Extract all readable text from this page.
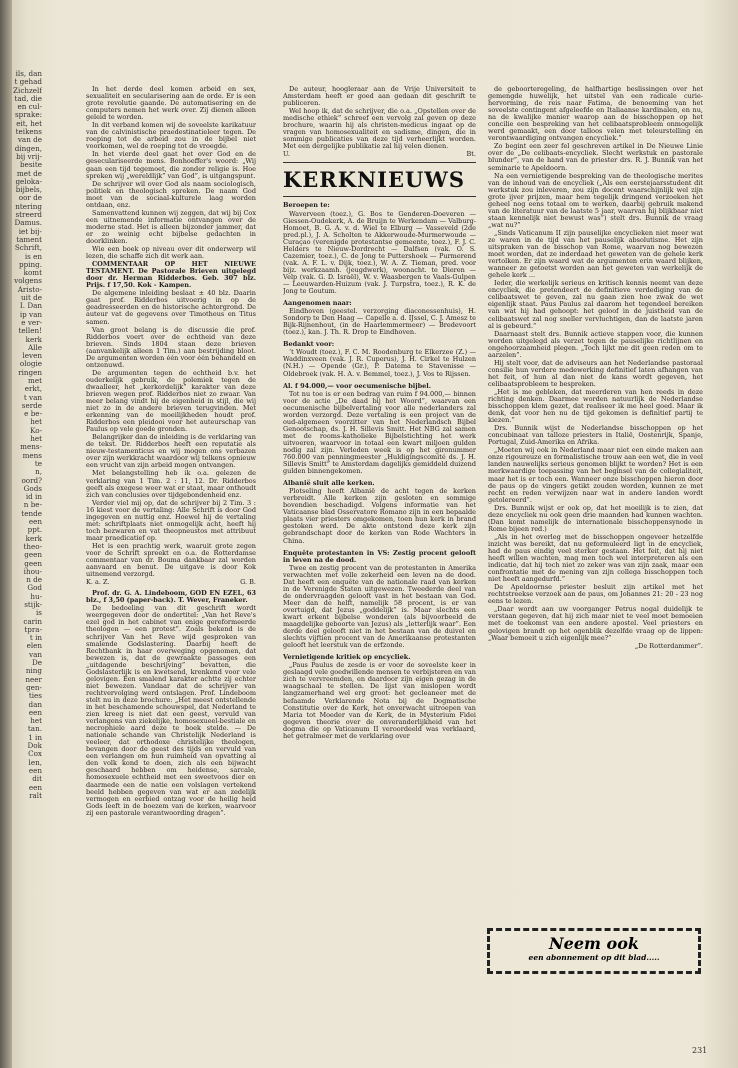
ils, dan
t gehad
Zichzelf
tad, die
en cul-
sprake:
eit, het
teikens
van de
dingen,
bij vrij-
besite
met de
geloka-
bijbels,
oor de
ntering
streerd
Damus.
iet bij-
tament
Schrift,
is en
pping.
komt
volgens
Aristo-
uit de
I. Dan
ip van
e ver-
tellen!
kerk
Alle
leven
ologie
ringen
met
erkt,
t van
serde
e be-
het
Ko-
het
mens-
mens
te
n,
oord?
Gods
id in
n be-
tende
een
ppt.
kerk
theo-
geen
geen
ihou-
n de
God
hu-
stijk-
is
carin
tpra-
t in
elen
van
De
ning
neer
gen-
ties
dan
een
het
tan.
1 in
Dok
Cox
len,
een
dit
een
ralt

In het derde deel komen arbeid en sex, sexualiteit en secularisering aan de orde. Er is een grote revolutie gaande. De automatisering en de computers nemen het werk over. Zij dienen alleen geleid te worden.

In dit verband komen wij de soveelste karikatuur van de calvinistische praedestinatieleer tegen. De roeping tot de arbeid zou in de bijbel niet voorkomen, wel de roeping tot de vroegde.

In het vierde deel gaat het over God en de geseculariseerde mens. Bonhoeffer's woord: „Wij gaan een tijd tegemoet, die zonder religie is. Hoe spreken wij „wereldlijk” van God”, is uitgangspunt.

De schrijver wil over God als naam sociologisch, politiek en theologisch spreken. De naam God moet van de sociaal-kulturele laag worden ontdaan, enz.

Samenvattend kunnen wij zeggen, dat wij bij Cox een uitnemende informatie ontvangen over de moderne stad. Het is alleen bijzonder jammer, dat er zo weinig echt bijbelse gedachten in doorklinken.

Wie een boek op niveau over dit onderwerp wil lezen, die schaffe zich dit werk aan.

COMMENTAAR OP HET NIEUWE TESTAMENT. De Pastorale Brieven uitgelegd door dr. Herman Ridderbos. Geb. 307 blz. Prijs. f 17,50. Kok - Kampen.

De algemene inleiding beslaat ± 40 blz. Daarin gaat prof. Ridderbos uitvoerig in op de geadresseerden en de historische achtergrond. De auteur vat de gegevens over Timotheus en Titus samen.

Van groot belang is de discussie die prof. Ridderbos voert over de echtheid van deze brieven. Sinds 1804 staan deze brieven (aanvankelijk alleen 1 Tim.) aan bestrijding bloot. De argumenten worden één voor één behandeld en ontzenuwd.

De argumenten tegen de echtheid b.v. het ouderkelijk gebruik, de polemiek tegen de dwaalleer, het „kerkordelijk” karakter van deze brieven wegen prof. Ridderbos niet zo zwaar. Van meer belang vindt hij de eigenheid in stijl, die wij niet zo in de andere brieven terugvinden. Met erkenning van de moeilijkheden houdt prof. Ridderbos een pleidooi voor het auteurschap van Paulus op vele goede gronden.

Belangrijker dan de inleiding is de verklaring van de tekst. Dr. Ridderbos heeft een reputatie als nieuw-testamenticus en wij mogen ons verbazen over zijn werkkracht waardoor wij telkens opnieuw een vrucht van zijn arbeid mogen ontvangen.

Met belangstelling heb ik o.a. gelezen de verklaring van 1 Tim. 2 : 11, 12. Dr. Ridderbos geeft als exegese weer wat er staat, maar onthoudt zich van conclusies over tijdgebondenheid enz.

Verder viel mij op, dat de schrijver bij 2 Tim. 3 : 16 kiest voor de vertaling: Alle Schrift is door God ingegeven en nuttig enz. Hoewel hij de vertaling met: schriftplaats niet onmogelijk acht, heeft hij toch bezwaren en vat theopneustos met attribuut maar praedicatief op.

Het is een prachtig werk, waaruit grote zegen voor de Schrift spreekt en o.a. de Rotterdamse commentaar van dr. Bouma dankbaar zal worden aanvaard en benut. De uitgave is door Kok uitnemend verzorgd.

K. a. Z.	G. B.

Prof. dr. G. A. Lindeboom, GOD EN EZEL, 63 blz., f 3,50 (paper-back). T. Wever, Franeker.

De bedoeling van dit geschrift wordt weergegeven door de ondertitel: „Van het Reve's ezel god in het cabinet van enige gereformeerde theologen — een protest”. Zoals bekend is de schrijver Van het Reve wijd gesproken van smalende Godslastering. Daarbij heeft de Rechtbank in haar overweging opgenomen, dat bewezen is, dat de gewraakte passages een „uitdagende beschrijving” bevatten, die Godslasterlijk is en kwetsend, krenkend voor vele gelovigen. Een smalend karakter achtte zij echter niet bewezen. Vandaar dat de schrijver van rechtvervolging werd ontslagen. Prof. Lindeboom stelt nu in deze brochure: „Het meest ontstellende in het beschamende schouwspel, dat Nederland te zien kreeg is niet dat een geest, vervuld van verlangens van ziekelijke, homosexueel-bestiale en necrophiele aard deze te boek stelde. — De nationale schande van Christelijk Nederland is veeleer, dat orthodoxe christelijke theologen, bevangen door de geest des tijds en vervuld van een verlangen om hun ruimheid van opvatting al den volk kond te doen, zich als een bijwacht geschaard hebben om heidense, sarcale, homosexuele echtheid met een sweetvoos dier en daarmede een de natie een volslagen vertekend beeld hebben gegeven van wat er aan zedelijk vermogen en eerbied ontzag voor de heilig heid Gods leeft in de boezem van de kerken, waarvoor zij een pastorale verantwoording dragen”.

De auteur, hoogleraar aan de Vrije Universiteit te Amsterdam heeft er goed aan gedaan dit geschrift te publiceren.

Wel hoop ik, dat de schrijver, die o.a. „Opstellen over de medische ethiek” schreef een vervolg zal geven op deze brochure, waarin hij als christen-medicus ingaat op de vragen van homosexualiteit en sadisme, dingen, die in sommige publicaties van deze tijd verheerlijkt worden. Met een dergelijke publikatie zal hij velen dienen.

U.	Bt.
KERKNIEUWS
Beroepen te:

Waverveen (toez.), G. Bos te Genderen-Doeveren — Giessen-Oudekerk, A. de Bruijn te Werkendam — Valburg-Homoet, B. G. A. v. d. Wiel te Elburg — Vasseveld (2de pred.pl.), J. A. Scholten te Akkerwoude-Murmerwoude — Curaçao (verenigde protestantse gemeente, toez.), F. J. C. Helders te Nieuw-Dordrecht — Dalfsen (vak. O. S. Cazemier, toez.), C. de Jong te Puttershoek — Purmerend (vak. A. F. L. v. Dijk, toez.), W. A. Z. Tieman, pred. voor bijz. werkzaamh. (jeugdwerk), woonacht. te Dieren — Velp (vak. G. D. Israël), W. v. Waasbergen te Vaals-Gulpen — Leeuwarden-Huizum (vak. J. Turpstra, toez.), R. K. de Jong te Goutum.

Aangenomen naar:

Eindhoven (geestel. verzorging diaconessenhuis), H. Sondorp te Den Haag — Capelle a. d. IJssel, C. J. Amesz te Bijk-Rijnenhout, (in de Haarlemmermeer) — Bredevoort (toez.), kan. J. Th. R. Drop te Eindhoven.

Bedankt voor:

‘t Woudt (toez.), F. C. M. Roodenburg te Elkerzee (Z.) — Waddinxveen (vak. J. R. Cuperus), J. H. Cirkel te Hulzen (N.H.) — Opende (Gr.), P. Datema te Stavenisse — Oldebroek (vak. H. A. v. Bemmel, toez.), J. Vos te Rijssen.

Al. f 94.000,— voor oecumenische bijbel.

Tot nu toe is er een bedrag van ruim f 94.000,— binnen voor de actie „De daad bij het Woord”, waarvan een oecumenische bijbelvertaling voor alle nederlanders zal worden verzorgd. Deze vertaling is een project van de oud-algemeen voorzitter van het Nederlandsch Bijbel Genootschap, ds. J. H. Sillevis Smitt. Het NBG zal samen met de rooms-katholieke Bijbelstichting het werk uitvoeren, waarvoor in totaal een kwart miljoen gulden nodig zal zijn. Verleden week is op het gironummer 760.000 van penningmeester „Huldigingscomité ds. J. H. Sillevis Smitt” te Amsterdam dagelijks gemiddeld duizend gulden binnengekomen.

Albanië sluit alle kerken.

Plotseling heeft Albanië de acht tegen de kerken verbreidt. Alle kerken zijn gesloten en sommige bovendien beschadigd. Volgens informatie van het Vaticaanse blad Osservatore Romano zijn in een bepaalde plaats vier priesters omgekomen, toen hun kerk in brand gestoken werd. De akte ontstond deze kerk zijn gebrandschapt door de kerken van Rode Wachters in China.

Enquête protestanten in VS: Zestig procent gelooft in leven na de dood.

Twee en zestig procent van de protestanten in Amerika verwachten met volle zekerheid een leven na de dood. Dat heeft een enquête van de nationale raad van kerken in de Verenigde Staten uitgewezen. Tweederde deel van de ondervraagden gelooft vast in het bestaan van God. Meer dan de helft, namelijk 58 procent, is er van overtuigd, dat Jezus „goddelijk” is. Maar slechts een kwart erkent bijbelse wonderen (als bijvoorbeeld de maagdelijke geboorte van Jezus) als „letterlijk waar”. Een derde deel gelooft niet in het bestaan van de duivel en slechts vijftien procent van de Amerikaanse protestanten gelooft het leerstuk van de erfzonde.

Vernietigende kritiek op encycliek.

„Paus Paulus de zesde is er voor de soveelste keer in geslaagd vele goedwillende mensen te verbijsteren en van zich te vervreemden, en daardoor zijn eigen gezag in de waagschaal te stellen. De lijst van mislopen wordt langzamerhand wel erg groot: het gecleaneer met de befaamde Verklarende Nota bij de Dogmatische Constitutie over de Kerk, het onverwacht uitroepen van Maria tot Moeder van de Kerk, de in Mysterium Fidei gegeven theorie over de onveranderlijkheid van het dogma die op Vaticanum II veroordeeld was verklaard, het getralmeer met de verklaring over

de geboorteregeling, de halfhartige beslissingen over het gemengde huwelijk, het uitstel van een radicale curie-hervorming, de reis naar Fatima, de benoeming van het soveelste contingent afgeleefde en Italiaanse kardinalen, en nu, na de kwalijke manier waarop aan de bisschoppen op het concilie een bespreking van het celibaatsprobleem onmogelijk werd gemaakt, een door talloos velen met teleurstelling en verontwaardiging ontvangen encycliek.”

Zo begint een zeer fel geschreven artikel in De Nieuwe Linie over de „De celibaats-encycliek. Slecht werkstuk en pastorale blunder”, van de hand van de priester drs. R. J. Bunnik van het seminarie te Apeldoorn.

Na een vernietigende bespreking van de theologische merites van de inhoud van de encycliek („Als een eerstejaarsstudent dit werkstuk zou inleveren, zou zijn docent waarschijnlijk wel zijn grote ijver prijzen, maar hem tegelijk dringend verzoeken het geheel nog eens totaal om te werken, daarbij gebruik makend van de literatuur van de laatste 5 jaar, waarvan hij blijkbaar niet staan kennelijk niet bewust was”) stelt drs. Bunnik de vraag „wat nu?”

„Sinds Vaticanum II zijn pauselijke encyclieken niet meer wat ze waren in de tijd van het pauselijk absolutisme. Het zijn uitspraken van de bisschop van Rome, waarvan nog bewezen moet worden, dat ze inderdaad het geweten van de gehele kerk vertolken. Er zijn waard wat de argumenten erin waard blijken, wanneer ze getoetst worden aan het geweten van werkelijk de gehele kerk ...

Ieder, die werkelijk serieus en kritisch kennis neemt van deze encycliek, die pretendeert de definitieve verdediging van de celibaatswet te geven, zal nu gaan zien hoe zwak de wet eigenlijk staat. Paus Paulus zal daarom het tegendeel bereiken van wat hij had gehoopt: het geloof in de juistheid van de celibaatswet zal nog sneller vervluchtigen, dan de laatste jaren al is gebeurd.”

Daarnaast stelt drs. Bunnik actieve stappen voor, die kunnen worden uitgelegd als verzet tegen de pauselijke richtlijnen en ongehoorzaamheid plegen. „Toch lijkt me dit geen reden om te aarzelen”.

Hij stelt voor, dat de adviseurs aan het Nederlandse pastoraal consilie hun verdere medewerking definitief laten afhangen van het feit, of hun al dan niet de kans wordt gegeven, het celibaatsprobleem te bespreken.

„Het is me gebleken, dat meerderen van hen reeds in deze richting denken. Daarmee worden natuurlijk de Nederlandse bisschoppen klem gezet, dat realiseer ik me heel goed. Maar ik denk, dat voor hen nu de tijd gekomen is definitief partij te kiezen.”

Drs. Bunnik wijst de Nederlandse bisschoppen op het concubinaat van talloze priesters in Italië, Oostenrijk, Spanje, Portugal, Zuid-Amerika en Afrika.

„Moeten wij ook in Nederland maar niet een einde maken aan onze rigoureuze en formalistische trouw aan een wet, die in veel landen nauwelijks serieus genomen blijkt te worden? Het is een merkwaardige toepassing van het beginsel van de collegialiteit, maar het is er toch een. Wanneer onze bisschoppen hieron door de paus op de vingers getikt zouden worden, kunnen ze met recht en reden verwijzen naar wat in andere landen wordt getolereerd”.

Drs. Bunnik wijst er ook op, dat het moeilijk is te zien, dat deze encycliek nu ook geen drie maanden had kunnen wachten. (Dan komt namelijk de internationale bisschoppensynode in Rome bijeen red.)

„Als in het overleg met de bisschoppen ongeveer hetzelfde inzicht was bereikt, dat nu geformuleerd ligt in de encycliek, had de paus eindig veel sterker gestaan. Het feit, dat hij niet heeft willen wachten, mag men toch wel interpreteren als een indicatie, dat hij toch niet zo zeker was van zijn zaak, maar een confrontatie met de mening van zijn collega bisschoppen toch niet heeft aangedurfd.”

De Apeldoornse priester besluit zijn artikel met het rechtstreekse verzoek aan de paus, om Johannes 21: 20 - 23 nog eens te lezen.

„Daar wordt aan uw voorganger Petrus nogal duidelijk te verstaan gegeven, dat hij zich maar niet te veel moet bemoeien met de toekomst van een andere apostel. Veel priesters en gelovigen brandt op het ogenblik dezelfde vraag op de lippen: „Waar bemoeit u zich eigenlijk mee?”

„De Rotterdammer”.
Neem ook
een abonnement op dit blad.....
231
